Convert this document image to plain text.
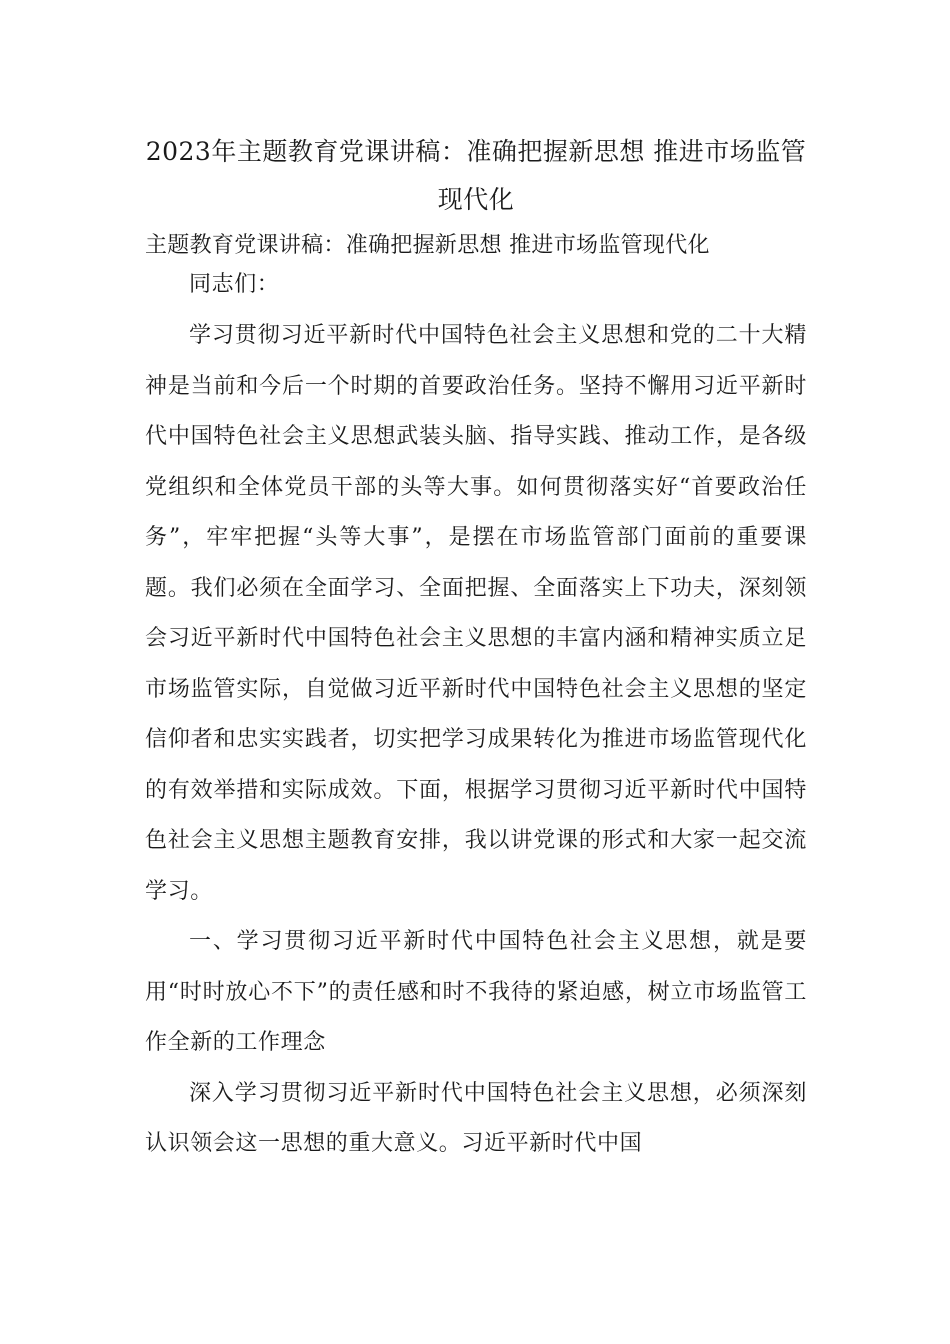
2023年主题教育党课讲稿：准确把握新思想 推进市场监管现代化

主题教育党课讲稿：准确把握新思想 推进市场监管现代化

同志们：

学习贯彻习近平新时代中国特色社会主义思想和党的二十大精神是当前和今后一个时期的首要政治任务。坚持不懈用习近平新时代中国特色社会主义思想武装头脑、指导实践、推动工作，是各级党组织和全体党员干部的头等大事。如何贯彻落实好“首要政治任务”，牢牢把握“头等大事”，是摆在市场监管部门面前的重要课题。我们必须在全面学习、全面把握、全面落实上下功夫，深刻领会习近平新时代中国特色社会主义思想的丰富内涵和精神实质立足市场监管实际，自觉做习近平新时代中国特色社会主义思想的坚定信仰者和忠实实践者，切实把学习成果转化为推进市场监管现代化的有效举措和实际成效。下面，根据学习贯彻习近平新时代中国特色社会主义思想主题教育安排，我以讲党课的形式和大家一起交流学习。

一、学习贯彻习近平新时代中国特色社会主义思想，就是要用“时时放心不下”的责任感和时不我待的紧迫感，树立市场监管工作全新的工作理念

深入学习贯彻习近平新时代中国特色社会主义思想，必须深刻认识领会这一思想的重大意义。习近平新时代中国
